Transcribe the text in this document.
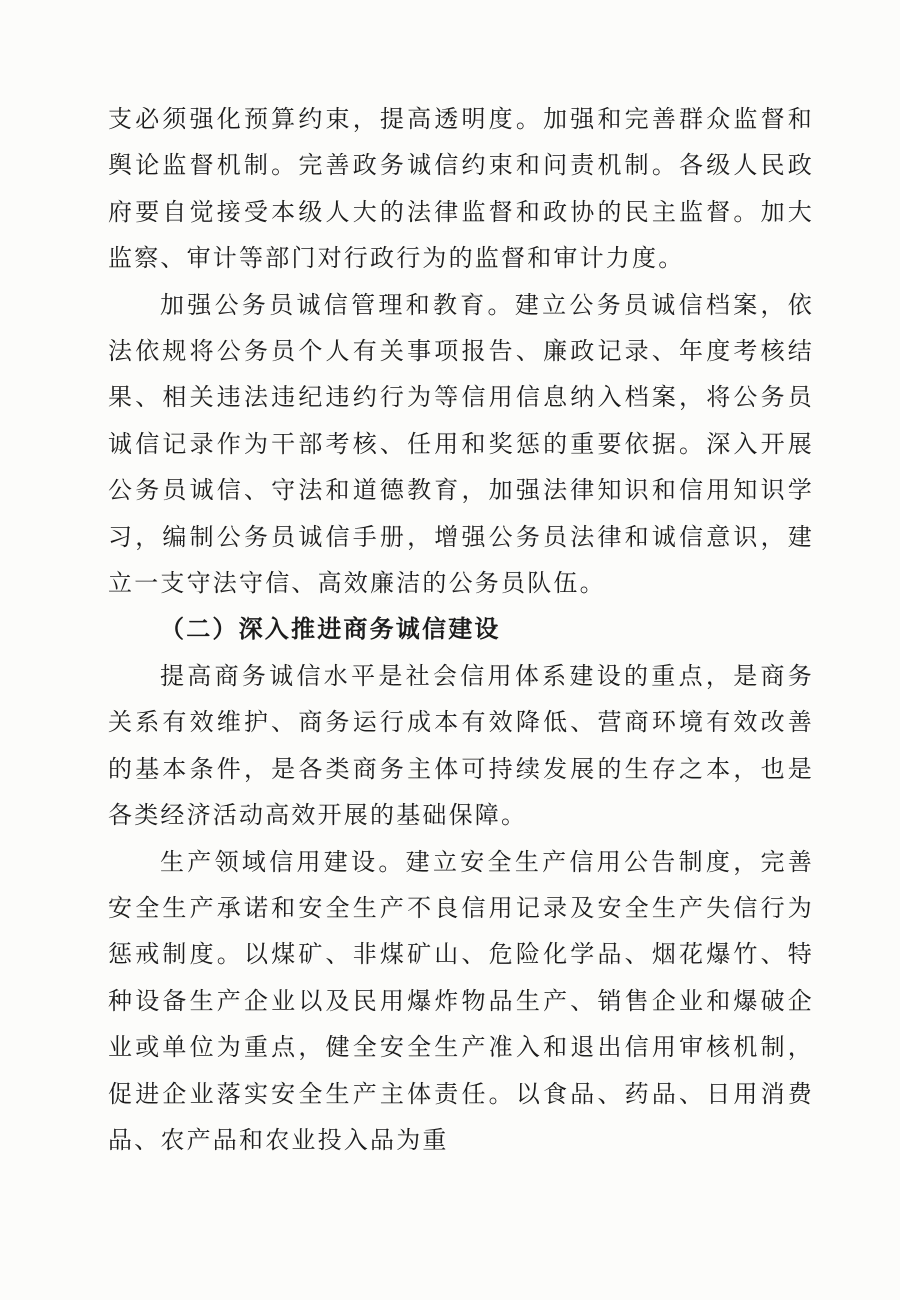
支必须强化预算约束，提高透明度。加强和完善群众监督和舆论监督机制。完善政务诚信约束和问责机制。各级人民政府要自觉接受本级人大的法律监督和政协的民主监督。加大监察、审计等部门对行政行为的监督和审计力度。

加强公务员诚信管理和教育。建立公务员诚信档案，依法依规将公务员个人有关事项报告、廉政记录、年度考核结果、相关违法违纪违约行为等信用信息纳入档案，将公务员诚信记录作为干部考核、任用和奖惩的重要依据。深入开展公务员诚信、守法和道德教育，加强法律知识和信用知识学习，编制公务员诚信手册，增强公务员法律和诚信意识，建立一支守法守信、高效廉洁的公务员队伍。

（二）深入推进商务诚信建设

提高商务诚信水平是社会信用体系建设的重点，是商务关系有效维护、商务运行成本有效降低、营商环境有效改善的基本条件，是各类商务主体可持续发展的生存之本，也是各类经济活动高效开展的基础保障。

生产领域信用建设。建立安全生产信用公告制度，完善安全生产承诺和安全生产不良信用记录及安全生产失信行为惩戒制度。以煤矿、非煤矿山、危险化学品、烟花爆竹、特种设备生产企业以及民用爆炸物品生产、销售企业和爆破企业或单位为重点，健全安全生产准入和退出信用审核机制，促进企业落实安全生产主体责任。以食品、药品、日用消费品、农产品和农业投入品为重
